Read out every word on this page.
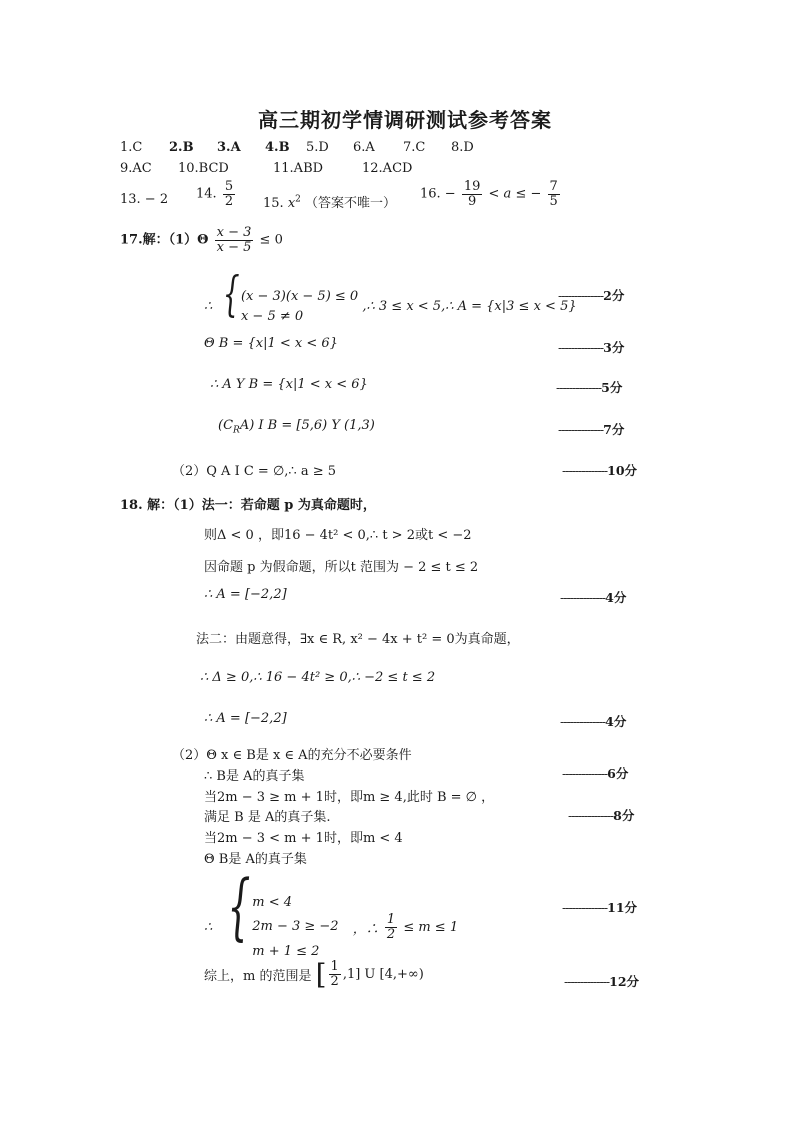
高三期初学情调研测试参考答案
1.C 2.B 3.A 4.B 5.D 6.A 7.C 8.D
9.AC 10.BCD	11.ABD	12.ACD
13. − 2 14. $\frac{5}{2} 15$. $x^2$ （答案不唯一）
16. − $\frac{19}{9} < a$ ≤ − $\frac{7}{5}$
17.解：$(1)\Theta \frac{x - 3}{x - 5} \le 0$
∴ { (x − 3)(x − 5) ≤ 0
x − 5 ≠ 0
,∴ 3 ≤ x < 5,∴ A = {x|3 ≤ x < 5}
--------------2分
Θ B = {x|1 < x < 6}	--------------3分
∴ A Y B = {x|1 < x < 6}	--------------5分
$(C_RA)$ I B = [5,6) Y (1,3)	--------------7分
（2）Q A I C = ∅,∴ a ≥ 5	--------------10分
18. 解：（1）法一：若命题 p 为真命题时，
则Δ < 0 ，即16 − 4t² < 0,∴ t > 2或t < −2
因命题 p 为假命题，所以t 范围为 − 2 ≤ t ≤ 2
∴ A = [−2,2]	--------------4分
法二：由题意得，∃x ∈ R, x² − 4x + t² = 0为真命题，
∴ Δ ≥ 0,∴ 16 − 4t² ≥ 0,∴ −2 ≤ t ≤ 2
∴ A = [−2,2]	--------------4分
（2）Θ x ∈ B是 x ∈ A的充分不必要条件
∴ B是 A的真子集	--------------6分
当2m − 3 ≥ m + 1时，即m ≥ 4,此时 B = ∅ ，
满足 B 是 A的真子集.	--------------8分
当2m − 3 < m + 1时，即m < 4
Θ B是 A的真子集
∴ { m < 4
2m − 3 ≥ −2
m + 1 ≤ 2
，∴ $\frac{1}{2} \le m \le 1$
--------------11分
综上，m 的范围是 [ $\frac{1}{2} ,1$] U [4,+∞)	--------------12分
